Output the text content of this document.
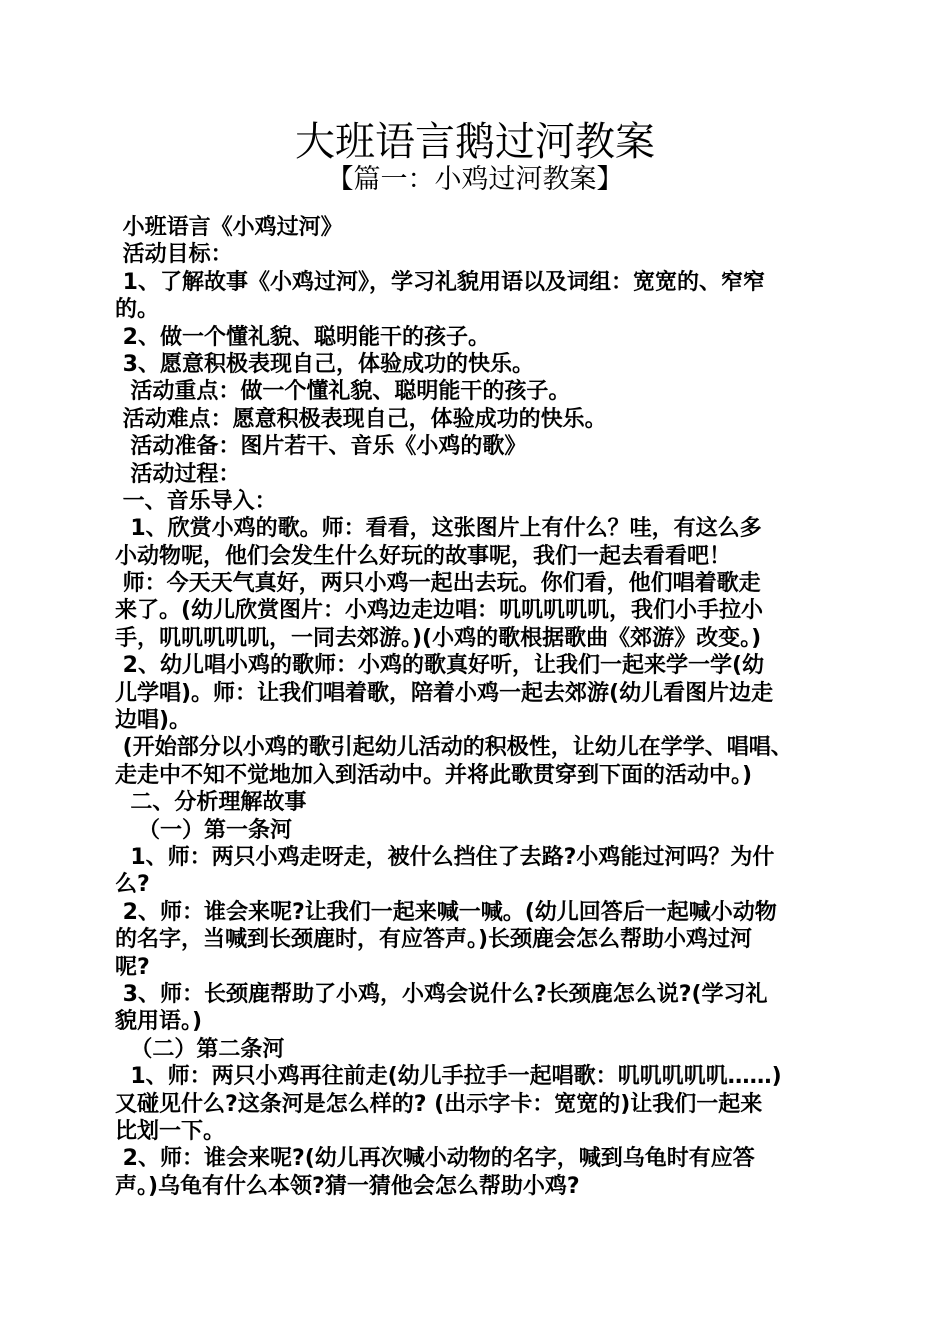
大班语言鹅过河教案
【篇一：小鸡过河教案】
小班语言《小鸡过河》
活动目标：
1、了解故事《小鸡过河》，学习礼貌用语以及词组：宽宽的、窄窄
的。
2、做一个懂礼貌、聪明能干的孩子。
3、愿意积极表现自己，体验成功的快乐。
活动重点：做一个懂礼貌、聪明能干的孩子。
活动难点：愿意积极表现自己，体验成功的快乐。
活动准备：图片若干、音乐《小鸡的歌》
活动过程：
一、音乐导入：
1、欣赏小鸡的歌。师：看看，这张图片上有什么？哇，有这么多
小动物呢，他们会发生什么好玩的故事呢，我们一起去看看吧！
师：今天天气真好，两只小鸡一起出去玩。你们看，他们唱着歌走
来了。(幼儿欣赏图片：小鸡边走边唱：叽叽叽叽叽，我们小手拉小
手，叽叽叽叽叽，一同去郊游。)(小鸡的歌根据歌曲《郊游》改变。)
2、幼儿唱小鸡的歌师：小鸡的歌真好听，让我们一起来学一学(幼
儿学唱)。师：让我们唱着歌，陪着小鸡一起去郊游(幼儿看图片边走
边唱)。
(开始部分以小鸡的歌引起幼儿活动的积极性，让幼儿在学学、唱唱、
走走中不知不觉地加入到活动中。并将此歌贯穿到下面的活动中。)
二、分析理解故事
（一）第一条河
1、师：两只小鸡走呀走，被什么挡住了去路?小鸡能过河吗？为什
么?
2、师：谁会来呢?让我们一起来喊一喊。(幼儿回答后一起喊小动物
的名字，当喊到长颈鹿时，有应答声。)长颈鹿会怎么帮助小鸡过河
呢?
3、师：长颈鹿帮助了小鸡，小鸡会说什么?长颈鹿怎么说?(学习礼
貌用语。)
（二）第二条河
1、师：两只小鸡再往前走(幼儿手拉手一起唱歌：叽叽叽叽叽……)
又碰见什么?这条河是怎么样的? (出示字卡：宽宽的)让我们一起来
比划一下。
2、师：谁会来呢?(幼儿再次喊小动物的名字，喊到乌龟时有应答
声。)乌龟有什么本领?猜一猜他会怎么帮助小鸡?
